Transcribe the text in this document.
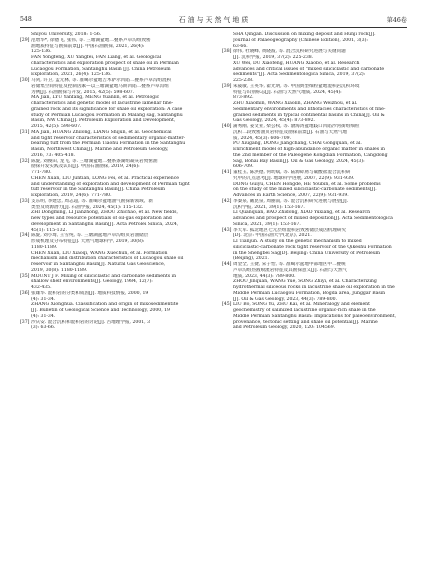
548	石 油 与 天 然 气 地 质	第46卷
Shiyou University, 2018: 1-56.
[29] 范增华*, 徐德飞, 张伟, 等. 三塘湖盆地二叠系芦草沟组致密
油地质特征与勘探前景[J]. 中国石油勘探, 2021, 26(4):
125-136.
FAN Yongfeng, XU Yangfei, FAN Liang, et al. Geological
characteristics and exploration prospect of shale oil in Permian
Lucaogou Formation, Santanghu Basin [J]. China Petroleum
Exploration, 2021, 26(4): 125-136.
[30] 马剑, 许卫, 孟元林, 等. 准噶尔盆地吉木萨尔凹陷二叠系芦草沟组混积
岩储集空间特征及控制因素—以三塘湖盆地马朗凹陷二叠系芦草沟组
为例[J]. 石油勘探与开发, 2015, 42(5): 598-607.
MA Jian, LYU Yanfang, MENG Yuanlin, et al. Petrologic
characteristics and genetic model of lacustrine lamellar fine-
grained rock and its significance for shale oil exploration: A case
study of Permian Lucaogou Formation in Malang sag, Santanghu
Basin, NW China[J]. Petroleum Exploration and Development,
2015, 42(5): 598-607.
[31] MA Jian, HUANG Zhilong, LIANG Shijun, et al. Geochemical
and tight reservoir characteristics of sedimentary organic-matter-
bearing tuff from the Permian Tiaohu Formation in the Santanghu
Basin, Northwest China[J]. Marine and Petroleum Geology,
2016, 73: 405-418.
[32] 陈旋, 刘俊田, 龙飞, 等. 三塘湖盆地二叠系条湖组凝灰岩致密油
勘探开发实践及认识[J]. 中国石油勘探, 2019, 24(6):
771-780.
CHEN Xuan, LIU Juntian, LONG Fei, et al. Practical experience
and understanding of exploration and development of Permian tight
tuff reservoir in the Santanghu Basin[J]. China Petroleum
Exploration, 2019, 24(6): 771-780.
[33] 支东明, 李建忠, 周志超, 等. 准噶尔盆地油气勘探新领域、新
类型及资源潜力[J]. 石油学报, 2024, 45(1): 115-132.
ZHI Dongming, LI Jianzhong, ZHOU Zhichao, et al. New fields,
new types and resource potentials of oil-gas exploration and
development in Santanghu Basin[J]. Acta Petrolei Sinica, 2024,
45(1): 115-132.
[34] 陈旋, 刘小琦, 王雪纯, 等. 三塘湖盆地芦草沟组页岩油储层
形成机理及分布特征[J]. 天然气地球科学, 2019, 30(8):
1180-1189.
CHEN Xuan, LIU Xiaoqi, WANG Xuechun, et al. Formation
mechanism and distribution characteristics of Lucaogou shale oil
reservoir in Santanghu Basin[J]. Natural Gas Geoscience,
2019, 30(8): 1180-1189.
[35] MOUNT J F. Mixing of siliciclastic and carbonate sediments in
shallow shelf environments[J]. Geology, 1984, 12(7):
432-435.
[36] 张雄华. 混积岩的分类和成因[J]. 地质科技情报, 2000, 19
(4): 31-34.
ZHANG Xionghua. Classification and origin of mixosedimentite
[J]. Bulletin of Geological Science and Technology, 2000, 19
(4): 31-34.
[37] 沙庆安. 混合沉积和混积岩的讨论[J]. 古地理学报, 2001, 3
(3): 63-66.
SHA Qingan. Discussion on mixing deposit and Hunji rock[J].
Journal of Palaeogeography (Chinese Edition), 2001, 3(3):
63-66.
[38] 徐伟, 杜晓峰, 黄晓波, 等. 混合沉积研究进展与关键问题
[J]. 沉积学报, 2019, 37(2): 225-238.
XU Wei, DU Xiaofeng, HUANG Xiaobo, et al. Research
advances and critical issues of "mixed siliciclastic and carbonate
sediments"[J]. Acta Sedimentologica Sinica, 2019, 37(2):
225-238.
[39] 朱筱敏, 王英华, 翟光明, 等. 中国典型细粒盆地混积岩沉积环境
特征与识别标志[J]. 石油与天然气地质, 2024, 45(4):
873-892.
ZHU Xiaomin, WANG Xiaolin, ZHANG Weizhou, et al.
Sedimentary environments and lithofacies characteristics of fine-
grained sediments in typical continental basins in China[J]. Oil &
Gas Geology, 2024, 45(4): 873-892.
[40] 蒲秀刚, 姜文亚, 柴公权, 等. 渤海湾盆地歧口凹陷沙河街组细粒
沉积二段致密油页岩特征及勘探前景[J]. 石油与天然气地
质, 2024, 45(3): 606-709.
PU Xiugang, DONG Jiangchang, CHAI Gongquan, et al.
Enrichment model of high-abundance organic matter in shales in
the 2nd member of the Paleogene Kongdian Formation, Cangdong
Sag, Bohai Bay Basin[J]. Oil & Gas Geology, 2024, 45(3):
606-709.
[41] 董桂玉, 陈洪德, 何幼斌, 等. 陆源碎屑与碳酸盐混合沉积研
究中的几点思考[J]. 地球科学进展, 2007, 22(9): 931-939.
DONG Guiyu, CHEN Hongde, HE Youbin, et al. Some problems
on the study of the mixed siliciclastic-carbonate sediments[J].
Advances in Earth Science, 2007, 22(9): 931-939.
[42] 李秦泉, 戴昆泉, 周丽南, 等. 混合沉积研究进展与展望[J].
沉积学报, 2021, 39(1): 153-167.
LI Quanquan, BAO Zhidong, XIAO Yuxiang, et al. Research
advances and prospect of mixed deposition[J]. Acta Sedimentologica
Sinica, 2021, 39(1): 153-167.
[43] 李天军. 狐北地区七元层组混积岩致密储层成因机理研究
[D]. 北京: 中国石油大学(北京), 2021.
LI Tianjun. A study on the genetic mechanism to mixed
siliciclastic-carbonate rock tight reservoir of the Qikeshu Formation
in the Shengbei Sag[D]. Beijing: China University of Petroleum
(Beijing), 2021.
[44] 周金全, 王捷, 宋子怡, 等. 准噶尔盆地中部地区中二叠统
芦草沟组热液喷流岩特征及其勘探意义[J]. 石油与天然气
地质, 2023, 44(3): 789-800.
ZHOU Jinquan, WANG Yue, SONG Zhiyi, et al. Characterizing
hydrothermal siliceous rocks in lacustrine shale oil exploration in the
Middle Permian Lucaogou Formation, Bogda area, Junggar Basin
[J]. Oil & Gas Geology, 2023, 44(3): 789-800.
[45] LIU Bo, SONG Yu, ZHU Kai, et al. Mineralogy and element
geochemistry of salinized lacustrine organic-rich shale in the
Middle Permian Santanghu Basin: Implications for paleoenvironment,
provenance, tectonic setting and shale oil potential[J]. Marine
and Petroleum Geology, 2020, 120: 104569.
